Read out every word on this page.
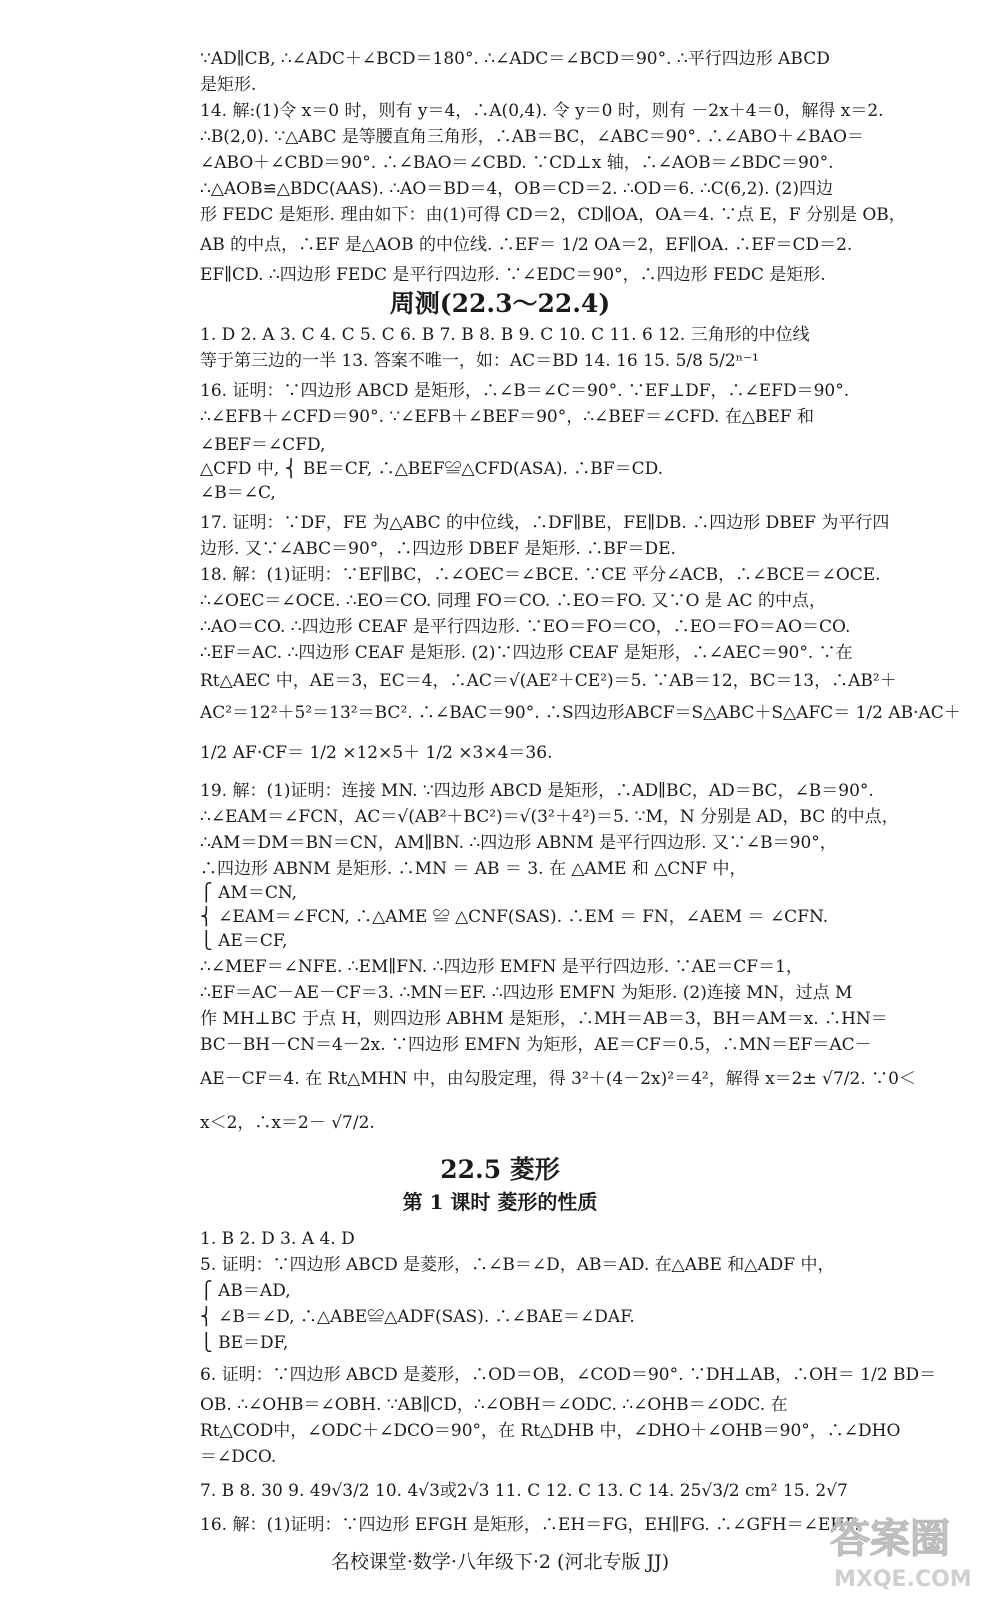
∵AD∥CB, ∴∠ADC＋∠BCD＝180°. ∴∠ADC＝∠BCD＝90°. ∴平行四边形 ABCD
是矩形.
14. 解:(1)令 x＝0 时，则有 y＝4，∴A(0,4). 令 y＝0 时，则有 －2x＋4＝0，解得 x＝2.
∴B(2,0). ∵△ABC 是等腰直角三角形，∴AB＝BC，∠ABC＝90°. ∴∠ABO＋∠BAO＝
∠ABO＋∠CBD＝90°. ∴∠BAO＝∠CBD. ∵CD⊥x 轴，∴∠AOB＝∠BDC＝90°.
∴△AOB≌△BDC(AAS). ∴AO＝BD＝4，OB＝CD＝2. ∴OD＝6. ∴C(6,2). (2)四边
形 FEDC 是矩形. 理由如下：由(1)可得 CD＝2，CD∥OA，OA＝4. ∵点 E，F 分别是 OB，
AB 的中点，∴EF 是△AOB 的中位线. ∴EF＝ 1/2 OA＝2，EF∥OA. ∴EF＝CD＝2.
EF∥CD. ∴四边形 FEDC 是平行四边形. ∵∠EDC＝90°，∴四边形 FEDC 是矩形.
1. D 2. A 3. C 4. C 5. C 6. B 7. B 8. B 9. C 10. C 11. 6 12. 三角形的中位线
等于第三边的一半 13. 答案不唯一，如：AC＝BD 14. 16 15. 5/8 5/2ⁿ⁻¹
16. 证明：∵四边形 ABCD 是矩形，∴∠B＝∠C＝90°. ∵EF⊥DF，∴∠EFD＝90°.
∴∠EFB＋∠CFD＝90°. ∵∠EFB＋∠BEF＝90°，∴∠BEF＝∠CFD. 在△BEF 和
∠BEF＝∠CFD,
△CFD 中, ⎨ BE＝CF, ∴△BEF≌△CFD(ASA). ∴BF＝CD.
∠B＝∠C,
17. 证明：∵DF，FE 为△ABC 的中位线，∴DF∥BE，FE∥DB. ∴四边形 DBEF 为平行四
边形. 又∵∠ABC＝90°，∴四边形 DBEF 是矩形. ∴BF＝DE.
18. 解：(1)证明：∵EF∥BC，∴∠OEC＝∠BCE. ∵CE 平分∠ACB，∴∠BCE＝∠OCE.
∴∠OEC＝∠OCE. ∴EO＝CO. 同理 FO＝CO. ∴EO＝FO. 又∵O 是 AC 的中点，
∴AO＝CO. ∴四边形 CEAF 是平行四边形. ∵EO＝FO＝CO，∴EO＝FO＝AO＝CO.
∴EF＝AC. ∴四边形 CEAF 是矩形. (2)∵四边形 CEAF 是矩形，∴∠AEC＝90°. ∵在
Rt△AEC 中，AE＝3，EC＝4，∴AC＝√(AE²＋CE²)＝5. ∵AB＝12，BC＝13，∴AB²＋
AC²＝12²＋5²＝13²＝BC². ∴∠BAC＝90°. ∴S四边形ABCF＝S△ABC＋S△AFC＝ 1/2 AB·AC＋
1/2 AF·CF＝ 1/2 ×12×5＋ 1/2 ×3×4＝36.
19. 解：(1)证明：连接 MN. ∵四边形 ABCD 是矩形，∴AD∥BC，AD＝BC，∠B＝90°.
∴∠EAM＝∠FCN，AC＝√(AB²＋BC²)＝√(3²＋4²)＝5. ∵M，N 分别是 AD，BC 的中点，
∴AM＝DM＝BN＝CN，AM∥BN. ∴四边形 ABNM 是平行四边形. 又∵∠B＝90°，
∴四边形 ABNM 是矩形. ∴MN ＝ AB ＝ 3. 在 △AME 和 △CNF 中，
⎧ AM＝CN,
⎨ ∠EAM＝∠FCN, ∴△AME ≌ △CNF(SAS). ∴EM ＝ FN，∠AEM ＝ ∠CFN.
⎩ AE＝CF,
∴∠MEF＝∠NFE. ∴EM∥FN. ∴四边形 EMFN 是平行四边形. ∵AE＝CF＝1，
∴EF＝AC－AE－CF＝3. ∴MN＝EF. ∴四边形 EMFN 为矩形. (2)连接 MN，过点 M
作 MH⊥BC 于点 H，则四边形 ABHM 是矩形，∴MH＝AB＝3，BH＝AM＝x. ∴HN＝
BC－BH－CN＝4－2x. ∵四边形 EMFN 为矩形，AE＝CF＝0.5，∴MN＝EF＝AC－
AE－CF＝4. 在 Rt△MHN 中，由勾股定理，得 3²＋(4－2x)²＝4²，解得 x＝2± √7/2. ∵0＜
x＜2，∴x＝2－ √7/2.
1. B 2. D 3. A 4. D
5. 证明：∵四边形 ABCD 是菱形，∴∠B＝∠D，AB＝AD. 在△ABE 和△ADF 中，
⎧ AB＝AD,
⎨ ∠B＝∠D, ∴△ABE≌△ADF(SAS). ∴∠BAE＝∠DAF.
⎩ BE＝DF,
6. 证明：∵四边形 ABCD 是菱形，∴OD＝OB，∠COD＝90°. ∵DH⊥AB，∴OH＝ 1/2 BD＝
OB. ∴∠OHB＝∠OBH. ∵AB∥CD，∴∠OBH＝∠ODC. ∴∠OHB＝∠ODC. 在
Rt△COD中，∠ODC＋∠DCO＝90°，在 Rt△DHB 中，∠DHO＋∠OHB＝90°，∴∠DHO
＝∠DCO.
7. B 8. 30 9. 49√3/2 10. 4√3或2√3 11. C 12. C 13. C 14. 25√3/2 cm² 15. 2√7
16. 解：(1)证明：∵四边形 EFGH 是矩形，∴EH＝FG，EH∥FG. ∴∠GFH＝∠EHF.
周测(22.3～22.4)
22.5 菱形
第 1 课时 菱形的性质
名校课堂·数学·八年级下·2 (河北专版 JJ)	答案圈
MXQE.COM
